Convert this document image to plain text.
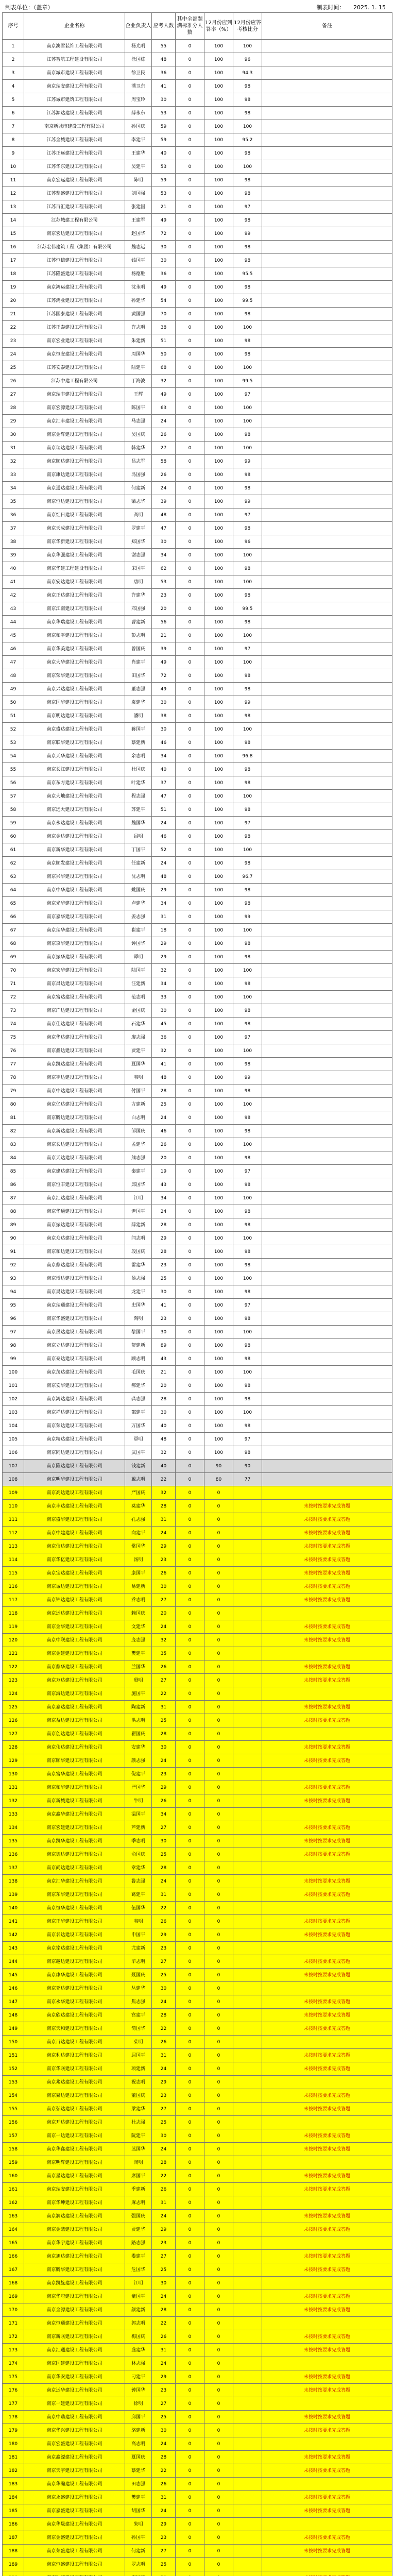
制表单位：（盖章）	制表时间：　　2025. 1. 15
序号	企业名称	企业负责人	应考人数	其中全部题满标准分人数	12月份应到答率（%）	12月份应答考核比分	备注
1	南京澳雪装饰工程有限公司	杨光明	55	0	100	100	
2	江苏智航工程建设有限公司	徐国栋	48	0	100	96	
3	南京城市建设工程有限公司	徐卫民	36	0	100	94.3	
4	南京瑞安建设工程有限公司	潘卫东	41	0	100	98	
5	江苏城市建筑工程有限公司	周宝玲	30	0	100	98	
6	江苏源达建设工程有限公司	薛永东	53	0	100	98	
7	南京新城市建设工程有限公司	孙国庆	59	0	100	100	
8	江苏金城建设工程有限公司	李建平	59	0	100	95.2	
9	江苏正远建设工程有限公司	王建华	40	0	100	98	
10	江苏华东建设工程有限公司	吴建平	53	0	100	100	
11	南京宏远建设工程有限公司	陈明	59	0	100	98	
12	江苏鼎盛建设工程有限公司	刘国强	53	0	100	98	
13	江苏百汇建设工程有限公司	张建国	21	0	100	97	
14	江苏城建工程有限公司	王建军	49	0	100	98	
15	南京宏达建设工程有限公司	赵国华	72	0	100	99	
16	江苏宏伟建筑工程（集团）有限公司	魏志远	30	0	100	98	
17	江苏恒信建设工程有限公司	钱国平	30	0	100	98	
18	江苏隆盛建设工程有限公司	杨德胜	36	0	100	95.5	
19	南京鸿运建设工程有限公司	沈永明	49	0	100	98	
20	江苏鸿业建设工程有限公司	孙建华	54	0	100	99.5	
21	江苏国泰建设工程有限公司	黄国强	70	0	100	98	
22	江苏正泰建设工程有限公司	许志明	38	0	100	100	
23	南京宏业建设工程有限公司	朱建新	51	0	100	98	
24	南京恒安建设工程有限公司	周国华	50	0	100	98	
25	江苏安泰建设工程有限公司	陆建平	68	0	100	100	
26	江苏中建工程有限公司	于海波	32	0	100	99.5	
27	南京瑞丰建设工程有限公司	王辉	49	0	100	97	
28	南京宏源建设工程有限公司	陈国平	63	0	100	100	
29	南京汇丰建设工程有限公司	马志强	24	0	100	100	
30	南京金辉建设工程有限公司	吴国庆	26	0	100	98	
31	南京瑞达建设工程有限公司	韩建华	27	0	100	100	
32	南京顺达建设工程有限公司	吕志军	58	0	100	99	
33	南京康达建设工程有限公司	冯国强	26	0	100	98	
34	南京通达建设工程有限公司	何建新	24	0	100	98	
35	南京恒达建设工程有限公司	梁志华	39	0	100	99	
36	南京红日建设工程有限公司	高明	48	0	100	97	
37	南京天成建设工程有限公司	罗建平	47	0	100	98	
38	南京华新建设工程有限公司	郑国华	30	0	100	96	
39	南京华强建设工程有限公司	谢志强	34	0	100	100	
40	南京华建工程建设有限公司	宋国平	62	0	100	98	
41	南京安达建设工程有限公司	唐明	53	0	100	100	
42	南京正达建设工程有限公司	许建华	23	0	100	98	
43	南京江南建设工程有限公司	邓国强	20	0	100	99.5	
44	南京华瑞建设工程有限公司	曹建新	56	0	100	98	
45	南京和平建设工程有限公司	彭志明	21	0	100	100	
46	南京华美建设工程有限公司	曾国庆	39	0	100	97	
47	南京大华建设工程有限公司	肖建平	49	0	100	100	
48	南京荣华建设工程有限公司	田国华	72	0	100	98	
49	南京兴达建设工程有限公司	董志强	49	0	100	98	
50	南京国华建设工程有限公司	袁建华	30	0	100	99	
51	南京明达建设工程有限公司	潘明	38	0	100	98	
52	南京盛达建设工程有限公司	蒋国平	30	0	100	100	
53	南京联华建设工程有限公司	蔡建新	46	0	100	98	
54	南京天华建设工程有限公司	余志明	34	0	100	96.8	
55	南京长江建设工程有限公司	杜国庆	40	0	100	98	
56	南京东方建设工程有限公司	叶建华	37	0	100	98	
57	南京大地建设工程有限公司	程志强	47	0	100	100	
58	南京远大建设工程有限公司	苏建平	51	0	100	98	
59	南京永达建设工程有限公司	魏国华	24	0	100	97	
60	南京金达建设工程有限公司	吕明	46	0	100	98	
61	南京新华建设工程有限公司	丁国平	52	0	100	100	
62	南京顺发建设工程有限公司	任建新	24	0	100	98	
63	南京兴华建设工程有限公司	沈志明	48	0	100	96.7	
64	南京中华建设工程有限公司	姚国庆	29	0	100	98	
65	南京光华建设工程有限公司	卢建华	34	0	100	98	
66	南京嘉华建设工程有限公司	姜志强	31	0	100	99	
67	南京瑞华建设工程有限公司	崔建平	18	0	100	100	
68	南京京华建设工程有限公司	钟国华	29	0	100	98	
69	南京振华建设工程有限公司	谭明	29	0	100	98	
70	南京宏华建设工程有限公司	陆国平	32	0	100	100	
71	南京昌达建设工程有限公司	汪建新	34	0	100	98	
72	南京富达建设工程有限公司	范志明	33	0	100	100	
73	南京广达建设工程有限公司	金国庆	30	0	100	98	
74	南京佳达建设工程有限公司	石建华	45	0	100	98	
75	南京华达建设工程有限公司	廖志强	36	0	100	97	
76	南京鑫达建设工程有限公司	贾建平	32	0	100	100	
77	南京凯达建设工程有限公司	夏国华	41	0	100	98	
78	南京宇达建设工程有限公司	韦明	48	0	100	99	
79	南京中达建设工程有限公司	付国平	28	0	100	98	
80	南京亿达建设工程有限公司	方建新	25	0	100	100	
81	南京腾达建设工程有限公司	白志明	24	0	100	98	
82	南京新达建设工程有限公司	邹国庆	46	0	100	98	
83	南京长达建设工程有限公司	孟建华	26	0	100	100	
84	南京天达建设工程有限公司	熊志强	20	0	100	98	
85	南京建达建设工程有限公司	秦建平	19	0	100	97	
86	南京恒丰建设工程有限公司	邱国华	43	0	100	98	
87	南京汇达建设工程有限公司	江明	34	0	100	100	
88	南京华通建设工程有限公司	尹国平	24	0	100	98	
89	南京振达建设工程有限公司	薛建新	28	0	100	98	
90	南京众达建设工程有限公司	闫志明	29	0	100	100	
91	南京和达建设工程有限公司	段国庆	28	0	100	98	
92	南京鼎达建设工程有限公司	雷建华	23	0	100	98	
93	南京博达建设工程有限公司	侯志强	25	0	100	100	
94	南京昊达建设工程有限公司	龙建平	30	0	100	98	
95	南京瑞通建设工程有限公司	史国华	41	0	100	97	
96	南京华盛建设工程有限公司	陶明	23	0	100	98	
97	南京晟达建设工程有限公司	黎国平	30	0	100	100	
98	南京立达建设工程有限公司	贺建新	89	0	100	98	
99	南京泰达建设工程有限公司	顾志明	43	0	100	98	
100	南京茂达建设工程有限公司	毛国庆	21	0	100	100	
101	南京安华建设工程有限公司	郝建华	20	0	100	98	
102	南京鸿达建设工程有限公司	龚志强	28	0	100	98	
103	南京祥达建设工程有限公司	邵建平	30	0	100	100	
104	南京荣达建设工程有限公司	万国华	40	0	100	98	
105	南京精达建设工程有限公司	覃明	48	0	100	97	
106	南京同达建设工程有限公司	武国平	32	0	100	98	
107	南京隆达建设工程有限公司	钱建新	40	0	90	90	
108	南京明华建设工程有限公司	戴志明	22	0	80	77	
109	南京高达建设工程有限公司	严国庆	32	0	0		
110	南京丰达建设工程有限公司	莫建华	28	0	0		未按时按要求完成答题
111	南京盛华建设工程有限公司	孔志强	31	0	0		未按时按要求完成答题
112	南京中建建设工程有限公司	向建平	24	0	0		未按时按要求完成答题
113	南京信达建设工程有限公司	常国华	29	0	0		未按时按要求完成答题
114	南京华亿建设工程有限公司	汤明	23	0	0		未按时按要求完成答题
115	南京宝达建设工程有限公司	康国平	26	0	0		未按时按要求完成答题
116	南京诚达建设工程有限公司	易建新	30	0	0		未按时按要求完成答题
117	南京锦达建设工程有限公司	乔志明	27	0	0		未按时按要求完成答题
118	南京远达建设工程有限公司	赖国庆	20	0	0		
119	南京金华建设工程有限公司	文建华	24	0	0		未按时按要求完成答题
120	南京中联建设工程有限公司	庞志强	32	0	0		未按时按要求完成答题
121	南京金建建设工程有限公司	樊建平	35	0	0		
122	南京鼎华建设工程有限公司	兰国华	26	0	0		未按时按要求完成答题
123	南京万达建设工程有限公司	殷明	27	0	0		未按时按要求完成答题
124	南京海达建设工程有限公司	施国平	22	0	0		
125	南京嘉达建设工程有限公司	陶建新	31	0	0		未按时按要求完成答题
126	南京益达建设工程有限公司	洪志明	25	0	0		未按时按要求完成答题
127	南京创达建设工程有限公司	翟国庆	28	0	0		
128	南京伟达建设工程有限公司	安建华	30	0	0		未按时按要求完成答题
129	南京顺华建设工程有限公司	颜志强	24	0	0		未按时按要求完成答题
130	南京富华建设工程有限公司	倪建平	23	0	0		
131	南京和华建设工程有限公司	严国华	29	0	0		未按时按要求完成答题
132	南京新城建设工程有限公司	牛明	26	0	0		未按时按要求完成答题
133	南京鑫华建设工程有限公司	温国平	34	0	0		
134	南京宏建建设工程有限公司	芦建新	27	0	0		未按时按要求完成答题
135	南京凯华建设工程有限公司	季志明	30	0	0		未按时按要求完成答题
136	南京德达建设工程有限公司	俞国庆	25	0	0		未按时按要求完成答题
137	南京尚达建设工程有限公司	章建华	28	0	0		
138	南京汇华建设工程有限公司	鲁志强	24	0	0		未按时按要求完成答题
139	南京东华建设工程有限公司	葛建平	31	0	0		未按时按要求完成答题
140	南京恒华建设工程有限公司	伍国华	22	0	0		
141	南京正华建设工程有限公司	韦明	26	0	0		未按时按要求完成答题
142	南京名达建设工程有限公司	申国平	29	0	0		未按时按要求完成答题
143	南京铭达建设工程有限公司	尤建新	23	0	0		
144	南京越达建设工程有限公司	毕志明	27	0	0		未按时按要求完成答题
145	南京康华建设工程有限公司	聂国庆	25	0	0		未按时按要求完成答题
146	南京亚达建设工程有限公司	丛建华	30	0	0		
147	南京永华建设工程有限公司	焦志强	24	0	0		未按时按要求完成答题
148	南京欣达建设工程有限公司	宫建平	28	0	0		未按时按要求完成答题
149	南京天和建设工程有限公司	简国华	22	0	0		未按时按要求完成答题
150	南京百达建设工程有限公司	柴明	26	0	0		
151	南京利达建设工程有限公司	屈国平	31	0	0		未按时按要求完成答题
152	南京华联建设工程有限公司	项建新	24	0	0		未按时按要求完成答题
153	南京兆达建设工程有限公司	祝志明	29	0	0		
154	南京聚达建设工程有限公司	董国庆	23	0	0		未按时按要求完成答题
155	南京弘达建设工程有限公司	梁建华	27	0	0		未按时按要求完成答题
156	南京开达建设工程有限公司	杜志强	25	0	0		
157	南京一达建设工程有限公司	阮建平	30	0	0		未按时按要求完成答题
158	南京华鑫建设工程有限公司	蓝国华	24	0	0		未按时按要求完成答题
159	南京明辉建设工程有限公司	闵明	28	0	0		
160	南京星达建设工程有限公司	席国平	22	0	0		未按时按要求完成答题
161	南京瑞安建设工程有限公司	季建新	26	0	0		未按时按要求完成答题
162	南京华坤建设工程有限公司	麻志明	31	0	0		
163	南京润达建设工程有限公司	强国庆	24	0	0		未按时按要求完成答题
164	南京金鼎建设工程有限公司	贾建华	29	0	0		未按时按要求完成答题
165	南京华宇建设工程有限公司	路志强	23	0	0		
166	南京旭达建设工程有限公司	娄建平	27	0	0		未按时按要求完成答题
167	南京腾华建设工程有限公司	危国华	25	0	0		未按时按要求完成答题
168	南京凯旋建设工程有限公司	江明	30	0	0		
169	南京华府建设工程有限公司	童国平	24	0	0		未按时按要求完成答题
170	南京金源建设工程有限公司	颜建新	28	0	0		未按时按要求完成答题
171	南京恒通建设工程有限公司	郭志明	22	0	0		
172	南京新联建设工程有限公司	梅国庆	26	0	0		未按时按要求完成答题
173	南京汇通建设工程有限公司	盛建华	31	0	0		未按时按要求完成答题
174	南京国建建设工程有限公司	林志强	24	0	0		
175	南京华安建设工程有限公司	刁建平	29	0	0		未按时按要求完成答题
176	南京远华建设工程有限公司	钟国华	23	0	0		未按时按要求完成答题
177	南京一建建设工程有限公司	徐明	27	0	0		
178	南京中鼎建设工程有限公司	邱国平	25	0	0		未按时按要求完成答题
179	南京华兴建设工程有限公司	骆建新	30	0	0		未按时按要求完成答题
180	南京宏盛建设工程有限公司	高志明	24	0	0		
181	南京鑫源建设工程有限公司	夏国庆	28	0	0		未按时按要求完成答题
182	南京天宇建设工程有限公司	蔡建华	22	0	0		未按时按要求完成答题
183	南京华瀚建设工程有限公司	田志强	26	0	0		
184	南京永盛建设工程有限公司	樊建平	31	0	0		未按时按要求完成答题
185	南京嘉盛建设工程有限公司	胡国华	24	0	0		未按时按要求完成答题
186	南京华晟建设工程有限公司	朱明	29	0	0		
187	南京金盛建设工程有限公司	孙国平	23	0	0		未按时按要求完成答题
188	南京荣盛建设工程有限公司	何建新	27	0	0		未按时按要求完成答题
189	南京恒盛建设工程有限公司	罗志明	25	0	0		
